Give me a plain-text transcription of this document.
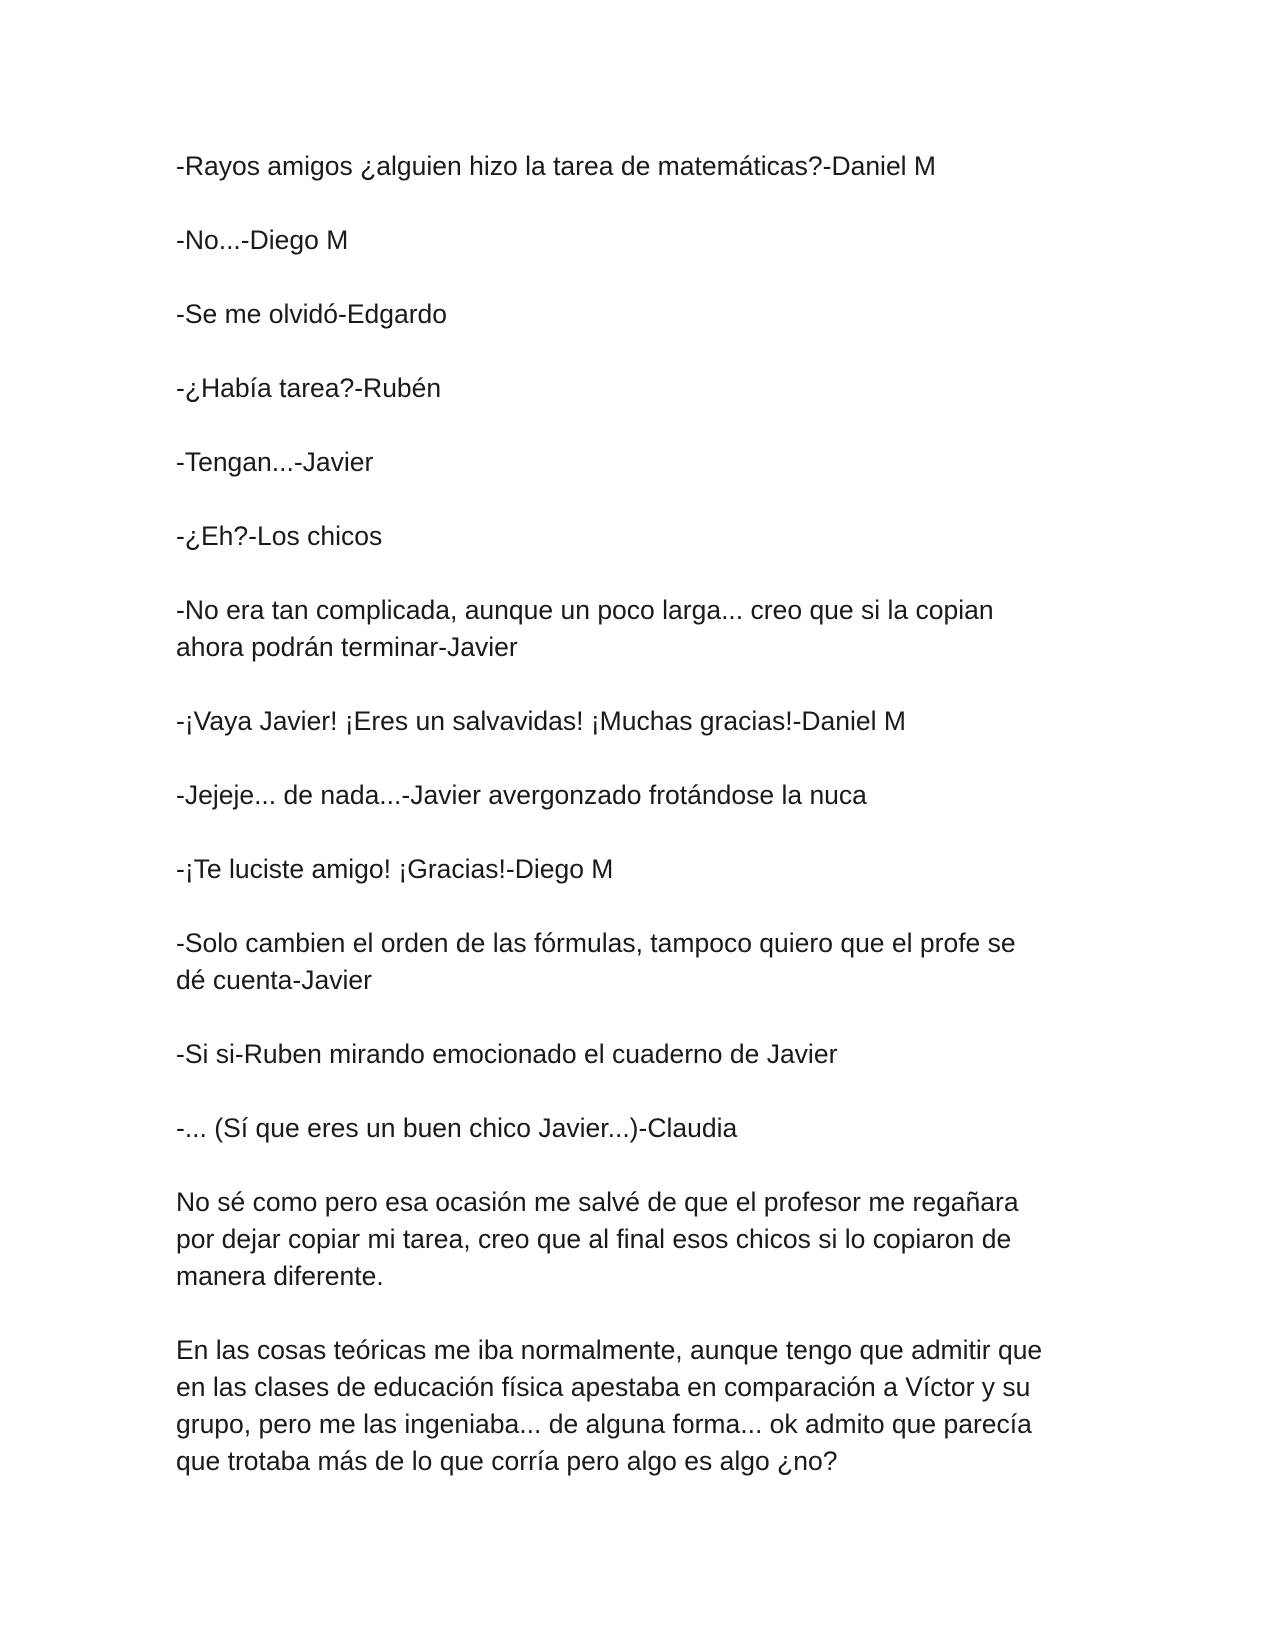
-Rayos amigos ¿alguien hizo la tarea de matemáticas?-Daniel M

-No...-Diego M

-Se me olvidó-Edgardo

-¿Había tarea?-Rubén

-Tengan...-Javier

-¿Eh?-Los chicos

-No era tan complicada, aunque un poco larga... creo que si la copian
ahora podrán terminar-Javier

-¡Vaya Javier! ¡Eres un salvavidas! ¡Muchas gracias!-Daniel M

-Jejeje... de nada...-Javier avergonzado frotándose la nuca

-¡Te luciste amigo! ¡Gracias!-Diego M

-Solo cambien el orden de las fórmulas, tampoco quiero que el profe se
dé cuenta-Javier

-Si si-Ruben mirando emocionado el cuaderno de Javier

-... (Sí que eres un buen chico Javier...)-Claudia

No sé como pero esa ocasión me salvé de que el profesor me regañara
por dejar copiar mi tarea, creo que al final esos chicos si lo copiaron de
manera diferente.

En las cosas teóricas me iba normalmente, aunque tengo que admitir que
en las clases de educación física apestaba en comparación a Víctor y su
grupo, pero me las ingeniaba... de alguna forma... ok admito que parecía
que trotaba más de lo que corría pero algo es algo ¿no?
